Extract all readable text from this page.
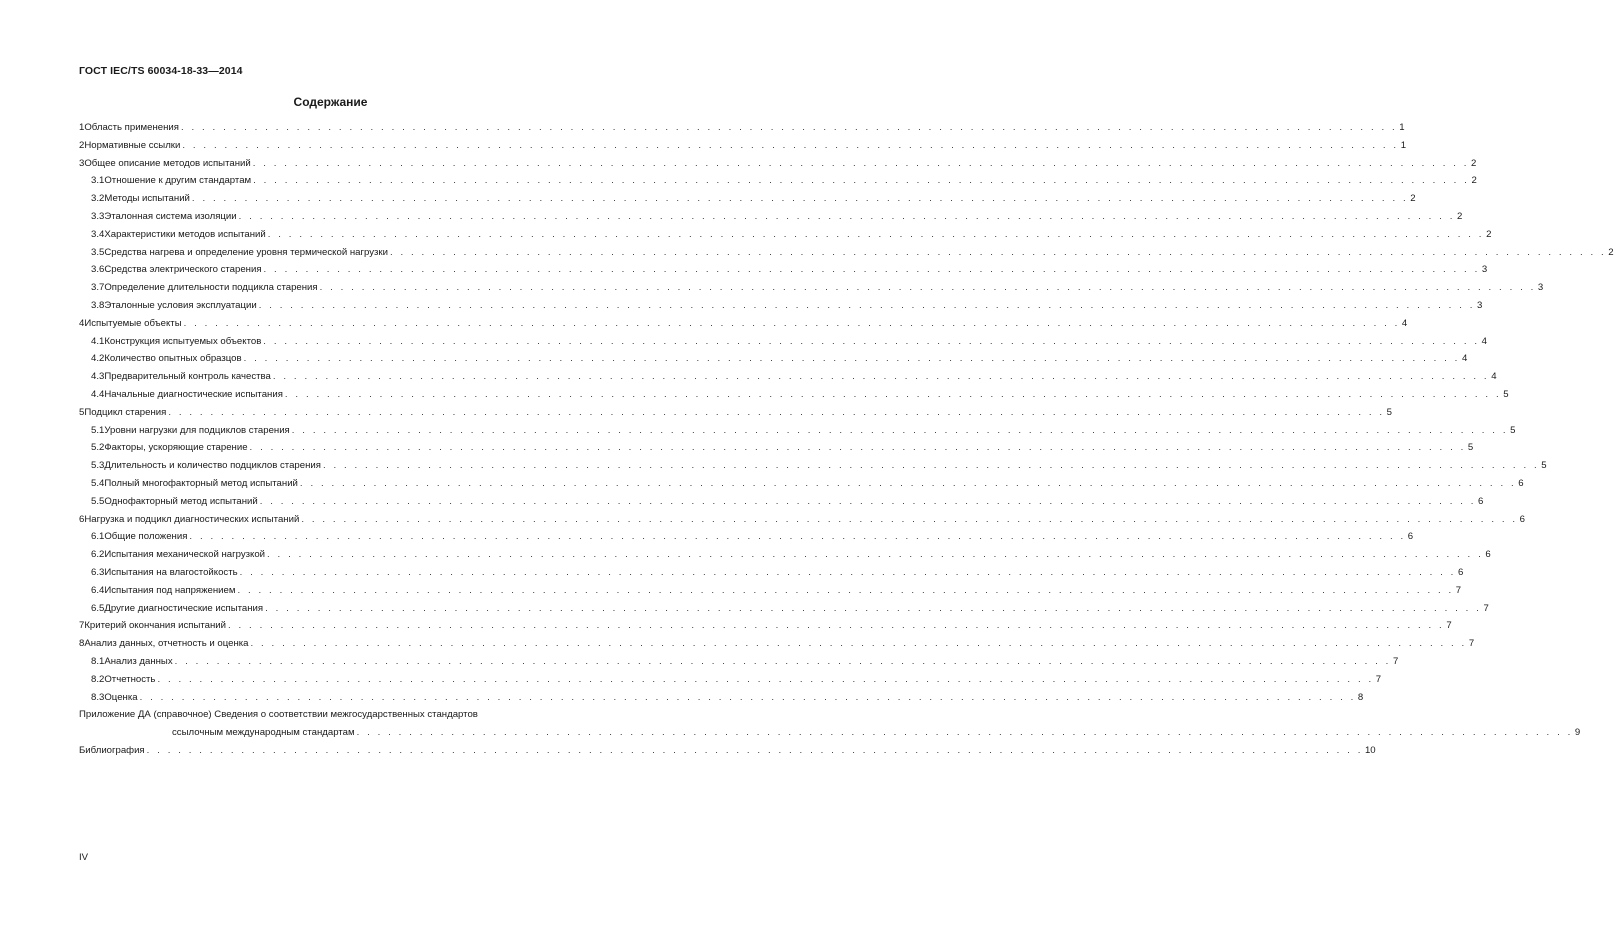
ГОСТ IEC/TS 60034-18-33—2014
Содержание
1 Область применения . . . . . . . . . . . . . . . . . . . . . . . . . . . . . . . . . . . . . . . . . . . . . . . . . . . . . . . . . . . . . . . . . . . . . . . . . . . . . . . . . . . . . . . . . . . . . . . . . . . . . . . . . . . . . . . . . . . . 1
2 Нормативные ссылки . . . . . . . . . . . . . . . . . . . . . . . . . . . . . . . . . . . . . . . . . . . . . . . . . . . . . . . . . . . . . . . . . . . . . . . . . . . . . . . . . . . . . . . . . . . . . . . . . . . . . . . . . . . . . . . . . . . . 1
3 Общее описание методов испытаний . . . . . . . . . . . . . . . . . . . . . . . . . . . . . . . . . . . . . . . . . . . . . . . . . . . . . . . . . . . . . . . . . . . . . . . . . . . . . . . . . . . . . . . . . . . . . . . . . . . . . . . . . . . . . . . . . . . . 2
3.1 Отношение к другим стандартам . . . . . . . . . . . . . . . . . . . . . . . . . . . . . . . . . . . . . . . . . . . . . . . . . . . . . . . . . . . . . . . . . . . . . . . . . . . . . . . . . . . . . . . . . . . . . . . . . . . . . . . . . . . . . . . . . . . . 2
3.2 Методы испытаний . . . . . . . . . . . . . . . . . . . . . . . . . . . . . . . . . . . . . . . . . . . . . . . . . . . . . . . . . . . . . . . . . . . . . . . . . . . . . . . . . . . . . . . . . . . . . . . . . . . . . . . . . . . . . . . . . . . . 2
3.3 Эталонная система изоляции . . . . . . . . . . . . . . . . . . . . . . . . . . . . . . . . . . . . . . . . . . . . . . . . . . . . . . . . . . . . . . . . . . . . . . . . . . . . . . . . . . . . . . . . . . . . . . . . . . . . . . . . . . . . . . . . . . . . 2
3.4 Характеристики методов испытаний . . . . . . . . . . . . . . . . . . . . . . . . . . . . . . . . . . . . . . . . . . . . . . . . . . . . . . . . . . . . . . . . . . . . . . . . . . . . . . . . . . . . . . . . . . . . . . . . . . . . . . . . . . . . . . . . . . . . 2
3.5 Средства нагрева и определение уровня термической нагрузки . . . . . . . . . . . . . . . . . . . . . . . . . . . . . . . . . . . . . . . . . . . . . . . . . . . . . . . . . . . . . . . . . . . . . . . . . . . . . . . . . . . . . . . . . . . . . . . . . . . . . . . . . . . . . . . . . . . . 2
3.6 Средства электрического старения . . . . . . . . . . . . . . . . . . . . . . . . . . . . . . . . . . . . . . . . . . . . . . . . . . . . . . . . . . . . . . . . . . . . . . . . . . . . . . . . . . . . . . . . . . . . . . . . . . . . . . . . . . . . . . . . . . . . 3
3.7 Определение длительности подцикла старения . . . . . . . . . . . . . . . . . . . . . . . . . . . . . . . . . . . . . . . . . . . . . . . . . . . . . . . . . . . . . . . . . . . . . . . . . . . . . . . . . . . . . . . . . . . . . . . . . . . . . . . . . . . . . . . . . . . . 3
3.8 Эталонные условия эксплуатации . . . . . . . . . . . . . . . . . . . . . . . . . . . . . . . . . . . . . . . . . . . . . . . . . . . . . . . . . . . . . . . . . . . . . . . . . . . . . . . . . . . . . . . . . . . . . . . . . . . . . . . . . . . . . . . . . . . . 3
4 Испытуемые объекты . . . . . . . . . . . . . . . . . . . . . . . . . . . . . . . . . . . . . . . . . . . . . . . . . . . . . . . . . . . . . . . . . . . . . . . . . . . . . . . . . . . . . . . . . . . . . . . . . . . . . . . . . . . . . . . . . . . . 4
4.1 Конструкция испытуемых объектов . . . . . . . . . . . . . . . . . . . . . . . . . . . . . . . . . . . . . . . . . . . . . . . . . . . . . . . . . . . . . . . . . . . . . . . . . . . . . . . . . . . . . . . . . . . . . . . . . . . . . . . . . . . . . . . . . . . . 4
4.2 Количество опытных образцов . . . . . . . . . . . . . . . . . . . . . . . . . . . . . . . . . . . . . . . . . . . . . . . . . . . . . . . . . . . . . . . . . . . . . . . . . . . . . . . . . . . . . . . . . . . . . . . . . . . . . . . . . . . . . . . . . . . . 4
4.3 Предварительный контроль качества . . . . . . . . . . . . . . . . . . . . . . . . . . . . . . . . . . . . . . . . . . . . . . . . . . . . . . . . . . . . . . . . . . . . . . . . . . . . . . . . . . . . . . . . . . . . . . . . . . . . . . . . . . . . . . . . . . . . 4
4.4 Начальные диагностические испытания . . . . . . . . . . . . . . . . . . . . . . . . . . . . . . . . . . . . . . . . . . . . . . . . . . . . . . . . . . . . . . . . . . . . . . . . . . . . . . . . . . . . . . . . . . . . . . . . . . . . . . . . . . . . . . . . . . . . 5
5 Подцикл старения . . . . . . . . . . . . . . . . . . . . . . . . . . . . . . . . . . . . . . . . . . . . . . . . . . . . . . . . . . . . . . . . . . . . . . . . . . . . . . . . . . . . . . . . . . . . . . . . . . . . . . . . . . . . . . . . . . . . 5
5.1 Уровни нагрузки для подциклов старения . . . . . . . . . . . . . . . . . . . . . . . . . . . . . . . . . . . . . . . . . . . . . . . . . . . . . . . . . . . . . . . . . . . . . . . . . . . . . . . . . . . . . . . . . . . . . . . . . . . . . . . . . . . . . . . . . . . . 5
5.2 Факторы, ускоряющие старение . . . . . . . . . . . . . . . . . . . . . . . . . . . . . . . . . . . . . . . . . . . . . . . . . . . . . . . . . . . . . . . . . . . . . . . . . . . . . . . . . . . . . . . . . . . . . . . . . . . . . . . . . . . . . . . . . . . . 5
5.3 Длительность и количество подциклов старения . . . . . . . . . . . . . . . . . . . . . . . . . . . . . . . . . . . . . . . . . . . . . . . . . . . . . . . . . . . . . . . . . . . . . . . . . . . . . . . . . . . . . . . . . . . . . . . . . . . . . . . . . . . . . . . . . . . . 5
5.4 Полный многофакторный метод испытаний . . . . . . . . . . . . . . . . . . . . . . . . . . . . . . . . . . . . . . . . . . . . . . . . . . . . . . . . . . . . . . . . . . . . . . . . . . . . . . . . . . . . . . . . . . . . . . . . . . . . . . . . . . . . . . . . . . . . 6
5.5 Однофакторный метод испытаний . . . . . . . . . . . . . . . . . . . . . . . . . . . . . . . . . . . . . . . . . . . . . . . . . . . . . . . . . . . . . . . . . . . . . . . . . . . . . . . . . . . . . . . . . . . . . . . . . . . . . . . . . . . . . . . . . . . . 6
6 Нагрузка и подцикл диагностических испытаний . . . . . . . . . . . . . . . . . . . . . . . . . . . . . . . . . . . . . . . . . . . . . . . . . . . . . . . . . . . . . . . . . . . . . . . . . . . . . . . . . . . . . . . . . . . . . . . . . . . . . . . . . . . . . . . . . . . . 6
6.1 Общие положения . . . . . . . . . . . . . . . . . . . . . . . . . . . . . . . . . . . . . . . . . . . . . . . . . . . . . . . . . . . . . . . . . . . . . . . . . . . . . . . . . . . . . . . . . . . . . . . . . . . . . . . . . . . . . . . . . . . . 6
6.2 Испытания механической нагрузкой . . . . . . . . . . . . . . . . . . . . . . . . . . . . . . . . . . . . . . . . . . . . . . . . . . . . . . . . . . . . . . . . . . . . . . . . . . . . . . . . . . . . . . . . . . . . . . . . . . . . . . . . . . . . . . . . . . . . 6
6.3 Испытания на влагостойкость . . . . . . . . . . . . . . . . . . . . . . . . . . . . . . . . . . . . . . . . . . . . . . . . . . . . . . . . . . . . . . . . . . . . . . . . . . . . . . . . . . . . . . . . . . . . . . . . . . . . . . . . . . . . . . . . . . . . 6
6.4 Испытания под напряжением . . . . . . . . . . . . . . . . . . . . . . . . . . . . . . . . . . . . . . . . . . . . . . . . . . . . . . . . . . . . . . . . . . . . . . . . . . . . . . . . . . . . . . . . . . . . . . . . . . . . . . . . . . . . . . . . . . . . 7
6.5 Другие диагностические испытания . . . . . . . . . . . . . . . . . . . . . . . . . . . . . . . . . . . . . . . . . . . . . . . . . . . . . . . . . . . . . . . . . . . . . . . . . . . . . . . . . . . . . . . . . . . . . . . . . . . . . . . . . . . . . . . . . . . . 7
7 Критерий окончания испытаний . . . . . . . . . . . . . . . . . . . . . . . . . . . . . . . . . . . . . . . . . . . . . . . . . . . . . . . . . . . . . . . . . . . . . . . . . . . . . . . . . . . . . . . . . . . . . . . . . . . . . . . . . . . . . . . . . . . . 7
8 Анализ данных, отчетность и оценка . . . . . . . . . . . . . . . . . . . . . . . . . . . . . . . . . . . . . . . . . . . . . . . . . . . . . . . . . . . . . . . . . . . . . . . . . . . . . . . . . . . . . . . . . . . . . . . . . . . . . . . . . . . . . . . . . . . . 7
8.1 Анализ данных . . . . . . . . . . . . . . . . . . . . . . . . . . . . . . . . . . . . . . . . . . . . . . . . . . . . . . . . . . . . . . . . . . . . . . . . . . . . . . . . . . . . . . . . . . . . . . . . . . . . . . . . . . . . . . . . . . . . 7
8.2 Отчетность . . . . . . . . . . . . . . . . . . . . . . . . . . . . . . . . . . . . . . . . . . . . . . . . . . . . . . . . . . . . . . . . . . . . . . . . . . . . . . . . . . . . . . . . . . . . . . . . . . . . . . . . . . . . . . . . . . . . 7
8.3 Оценка . . . . . . . . . . . . . . . . . . . . . . . . . . . . . . . . . . . . . . . . . . . . . . . . . . . . . . . . . . . . . . . . . . . . . . . . . . . . . . . . . . . . . . . . . . . . . . . . . . . . . . . . . . . . . . . . . . . . 8
Приложение ДА (справочное) Сведения о соответствии межгосударственных стандартов
ссылочным международным стандартам . . . . . . . . . . . . . . . . . . . . . . . . . . . . . . . . . . . . . . . . . . . . . . . . . . . . . . . . . . . . . . . . . . . . . . . . . . . . . . . . . . . . . . . . . . . . . . . . . . . . . . . . . . . . . . . . . . . . 9
Библиография . . . . . . . . . . . . . . . . . . . . . . . . . . . . . . . . . . . . . . . . . . . . . . . . . . . . . . . . . . . . . . . . . . . . . . . . . . . . . . . . . . . . . . . . . . . . . . . . . . . . . . . . . . . . . . . . . . . . 10
IV
